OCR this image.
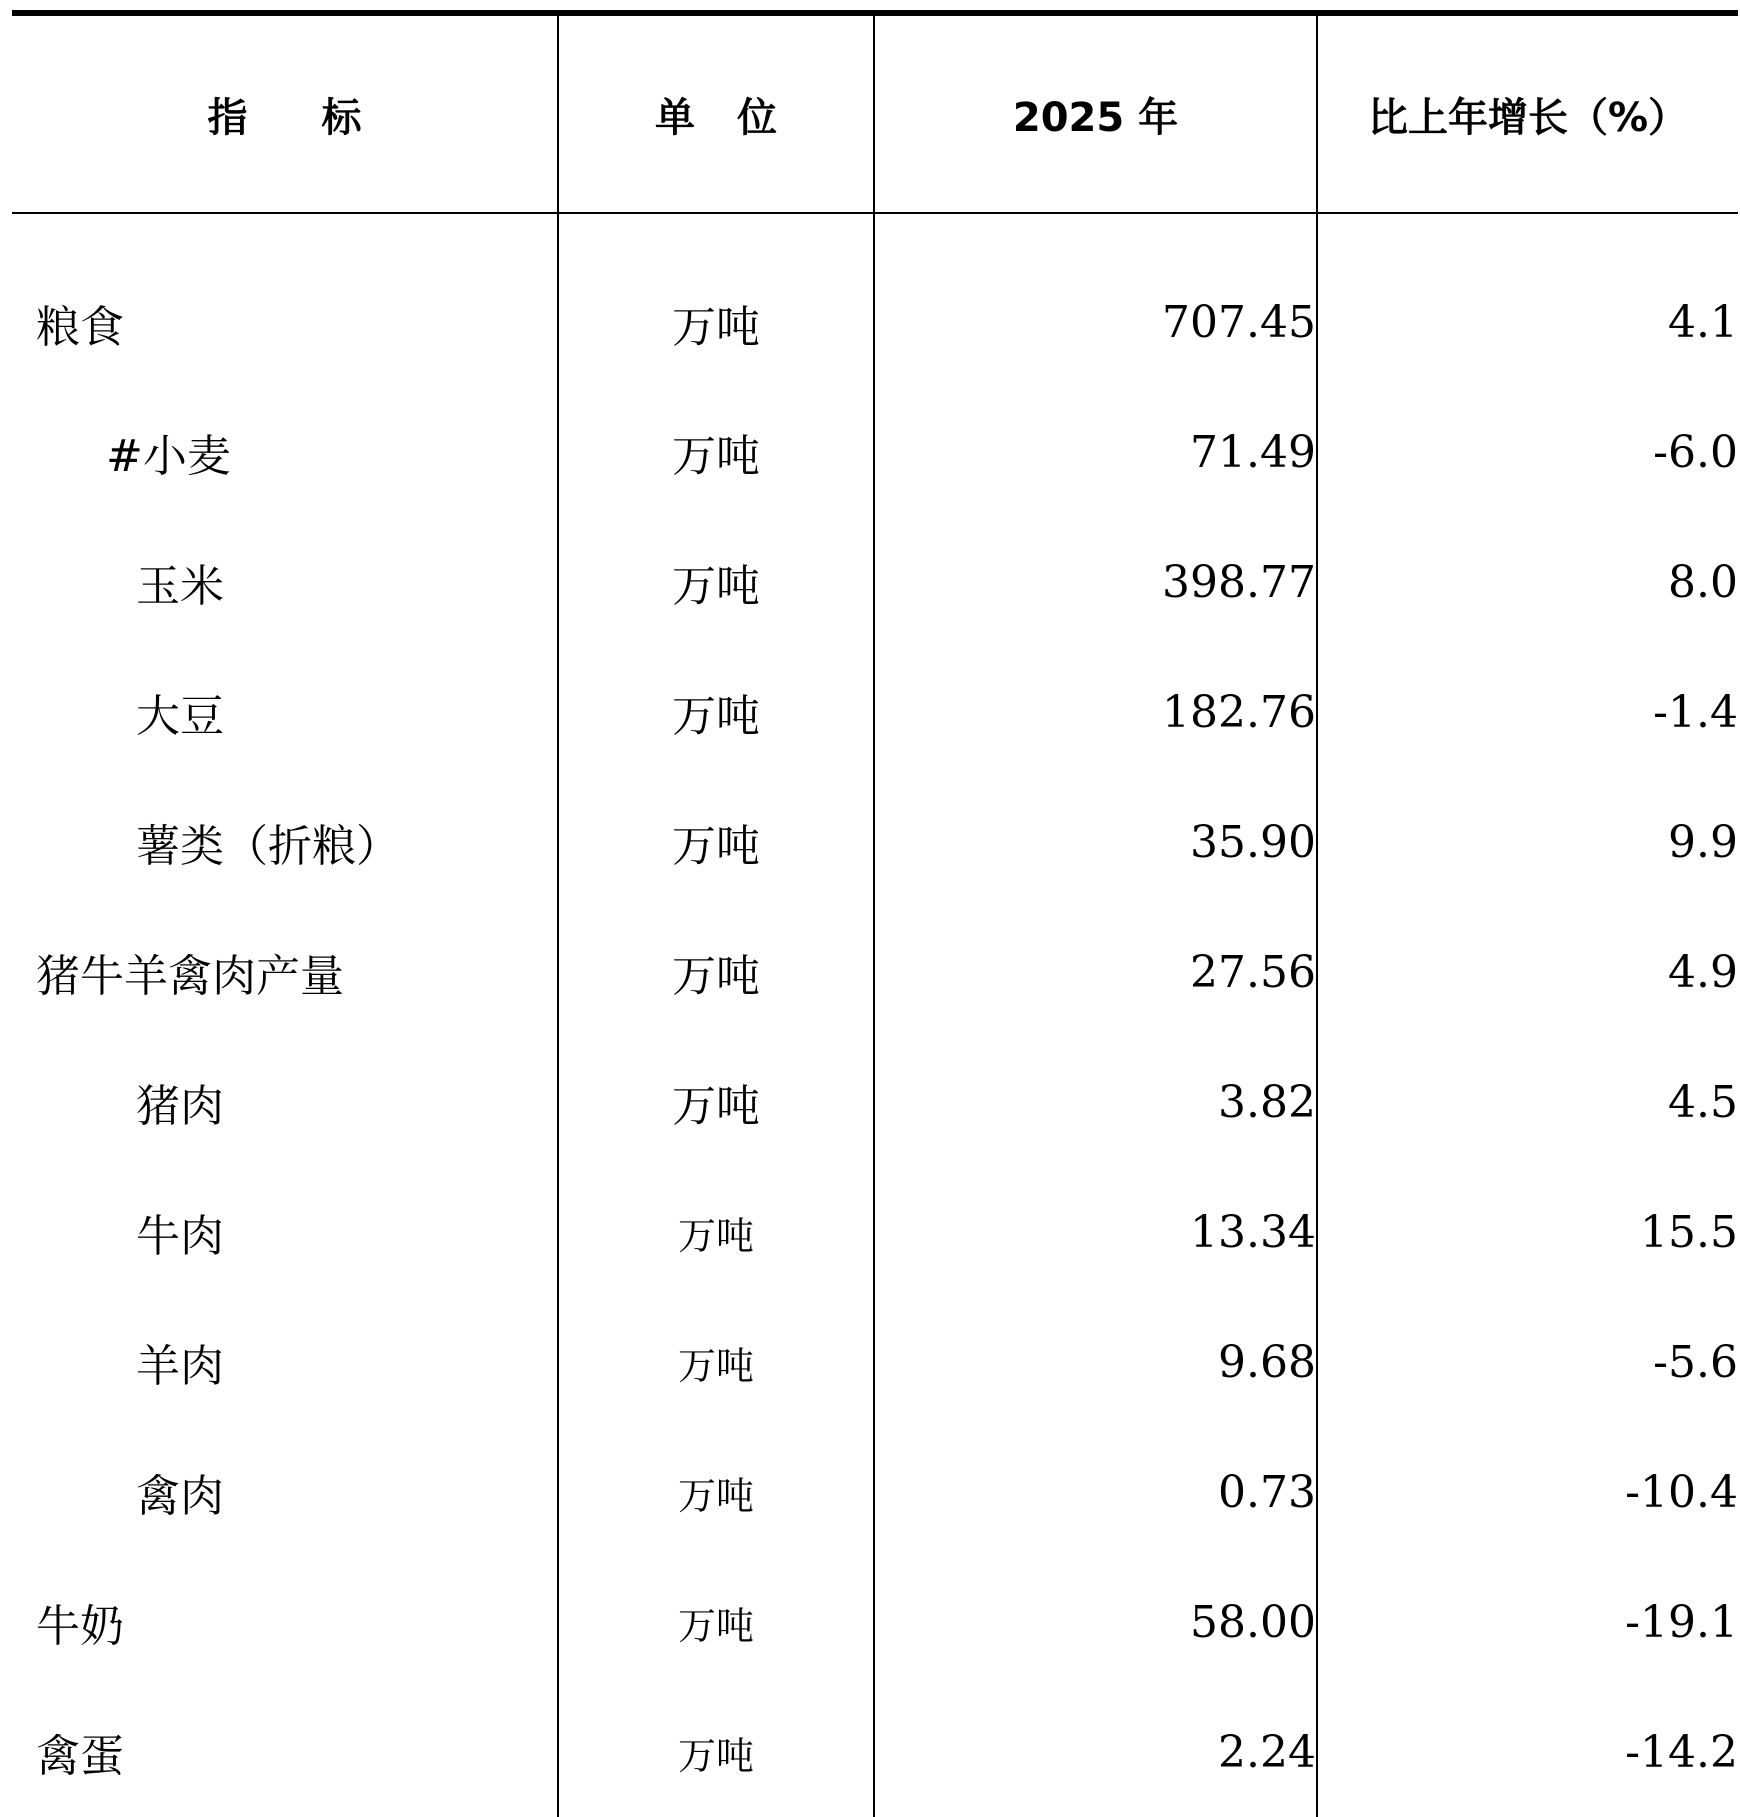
指 标	单 位	2025 年	比上年增长（%）
粮食	万吨	707.45	4.1
#小麦	万吨	71.49	-6.0
玉米	万吨	398.77	8.0
大豆	万吨	182.76	-1.4
薯类（折粮）	万吨	35.90	9.9
猪牛羊禽肉产量	万吨	27.56	4.9
猪肉	万吨	3.82	4.5
牛肉	万吨	13.34	15.5
羊肉	万吨	9.68	-5.6
禽肉	万吨	0.73	-10.4
牛奶	万吨	58.00	-19.1
禽蛋	万吨	2.24	-14.2
